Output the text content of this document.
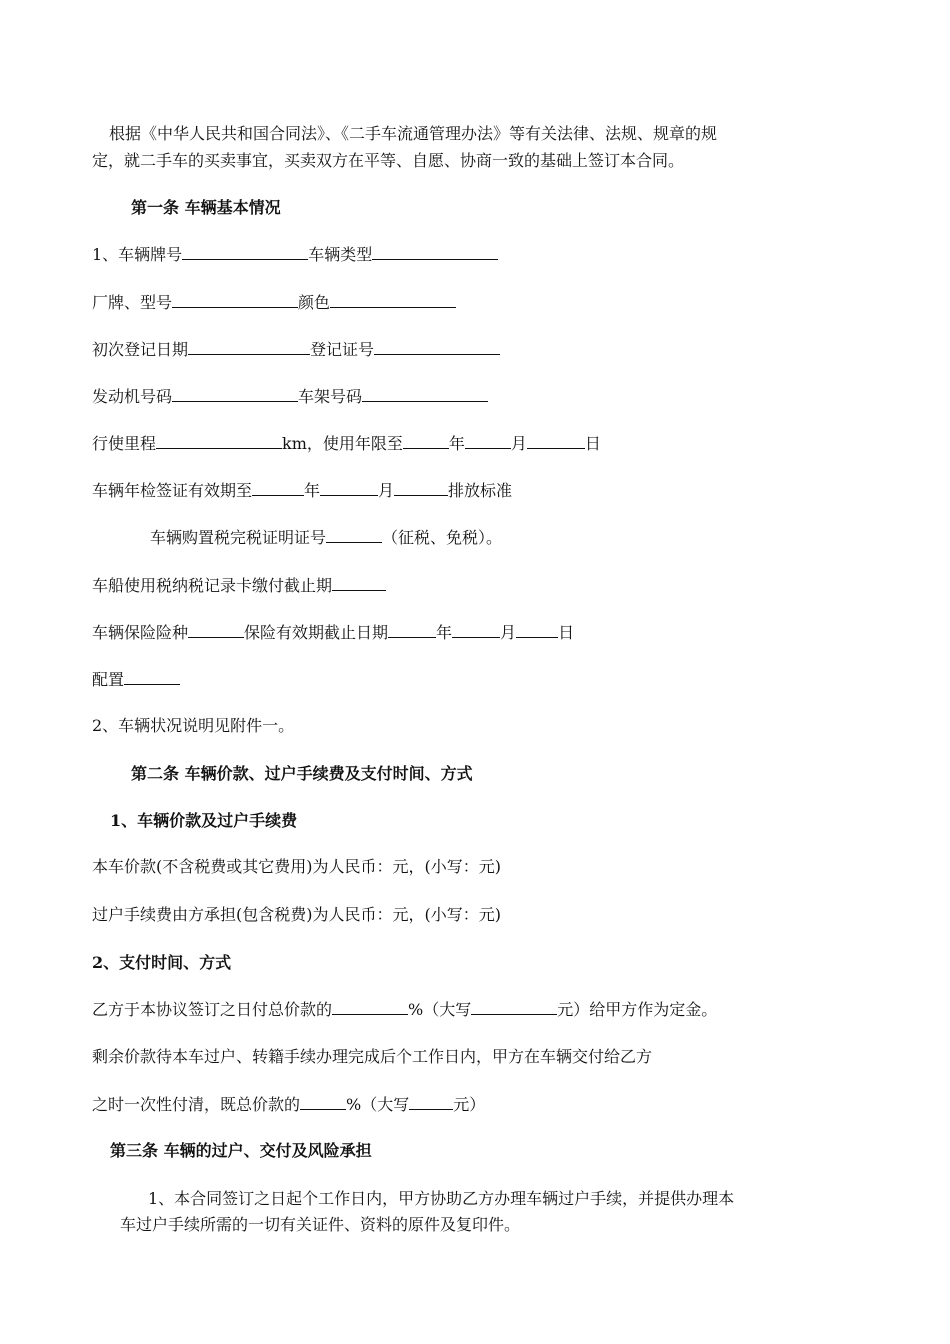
根据《中华人民共和国合同法》、《二手车流通管理办法》等有关法律、法规、规章的规
定，就二手车的买卖事宜，买卖双方在平等、自愿、协商一致的基础上签订本合同。
第一条 车辆基本情况
1、车辆牌号	车辆类型
厂牌、型号	颜色
初次登记日期	登记证号
发动机号码	车架号码
行使里程	km，使用年限至	年	月	日
车辆年检签证有效期至	年	月	排放标准
车辆购置税完税证明证号	（征税、免税）。
车船使用税纳税记录卡缴付截止期
车辆保险险种	保险有效期截止日期	年	月	日
配置
2、车辆状况说明见附件一。
第二条 车辆价款、过户手续费及支付时间、方式
1、车辆价款及过户手续费
本车价款(不含税费或其它费用)为人民币：元，(小写：元)
过户手续费由方承担(包含税费)为人民币：元，(小写：元)
2、支付时间、方式
乙方于本协议签订之日付总价款的	%（大写	元）给甲方作为定金。
剩余价款待本车过户、转籍手续办理完成后个工作日内，甲方在车辆交付给乙方
之时一次性付清，既总价款的	%（大写	元）
第三条 车辆的过户、交付及风险承担
1、本合同签订之日起个工作日内，甲方协助乙方办理车辆过户手续，并提供办理本
车过户手续所需的一切有关证件、资料的原件及复印件。
